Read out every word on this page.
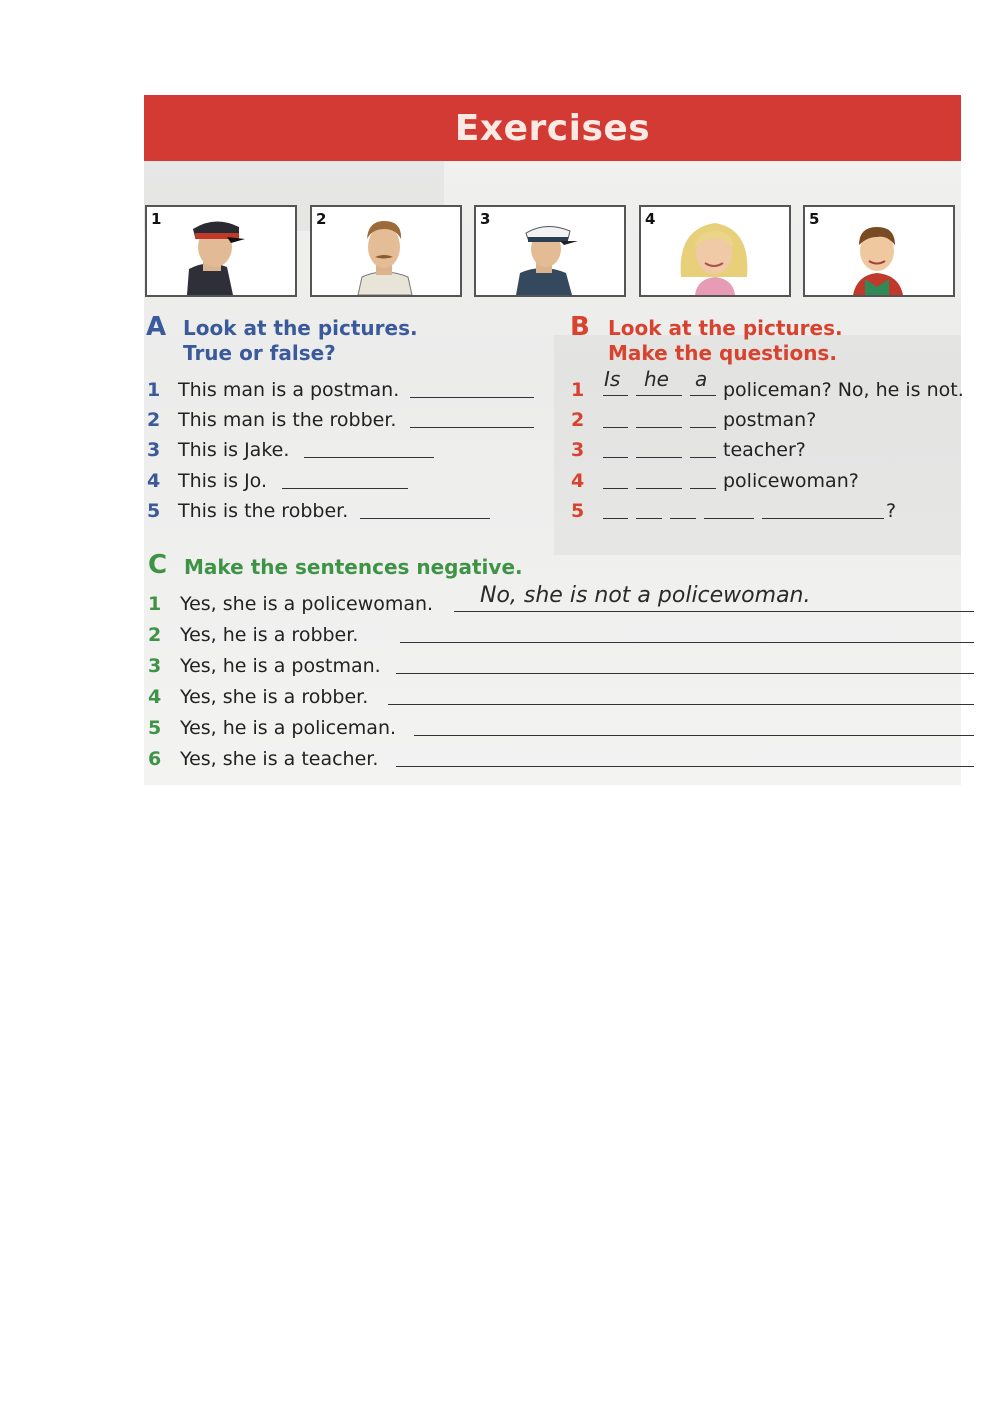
Exercises
1	2	3	4	5
A Look at the pictures.
True or false?
1 This man is a postman.
2 This man is the robber.
3 This is Jake.
4 This is Jo.
5 This is the robber.
B Look at the pictures.
Make the questions.
1 Is he a policeman? No, he is not.
2	postman?
3	teacher?
4	policewoman?
5	?
C Make the sentences negative.
1 Yes, she is a policewoman. No, she is not a policewoman.
2 Yes, he is a robber.
3 Yes, he is a postman.
4 Yes, she is a robber.
5 Yes, he is a policeman.
6 Yes, she is a teacher.
